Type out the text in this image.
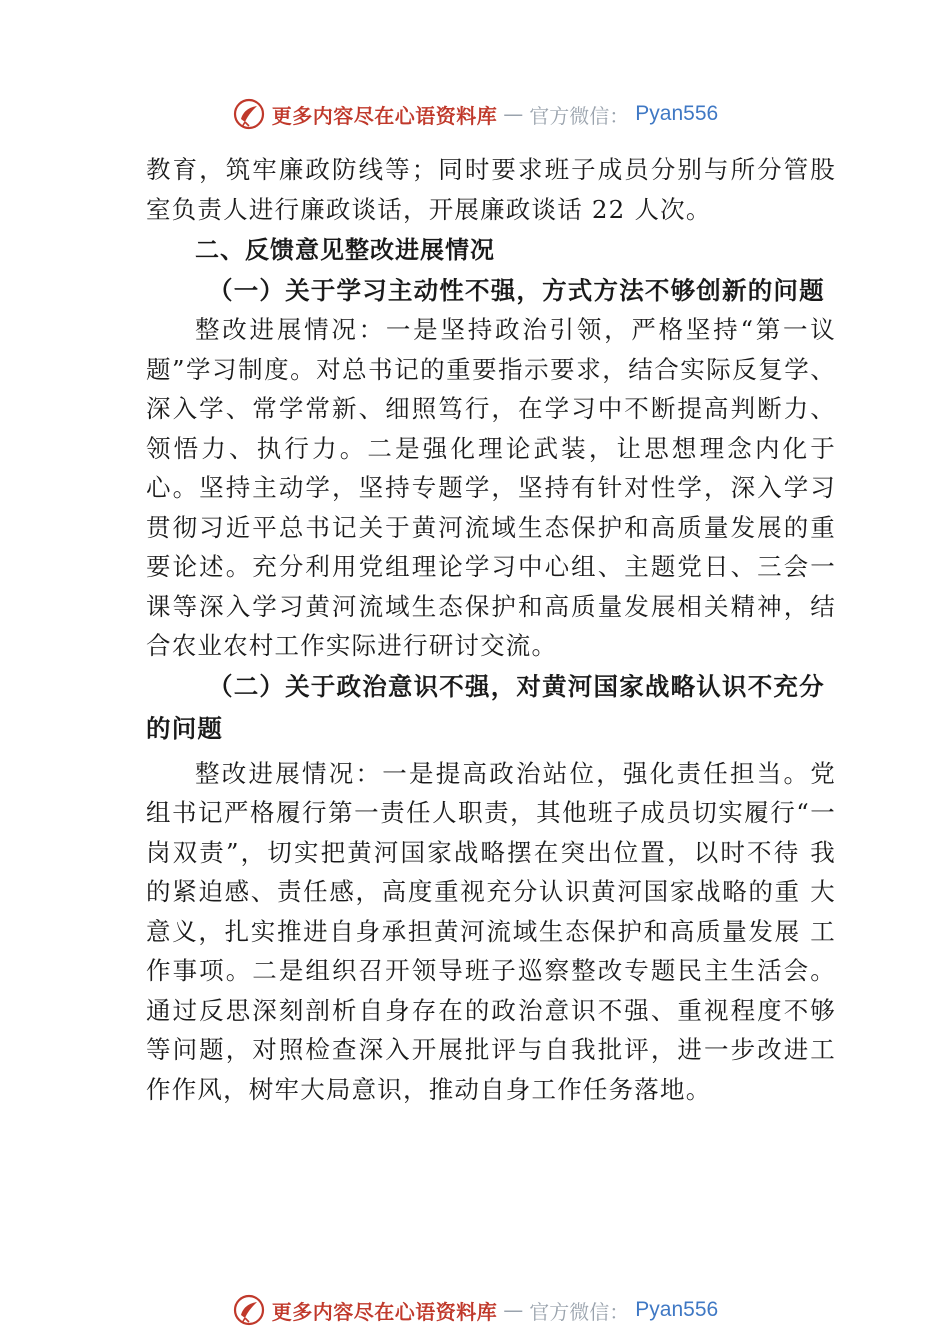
更多内容尽在心语资料库 — 官方微信： Pyan556

教育，筑牢廉政防线等；同时要求班子成员分别与所分管股室负责人进行廉政谈话，开展廉政谈话 22 人次。

二、反馈意见整改进展情况

（一）关于学习主动性不强，方式方法不够创新的问题

整改进展情况：一是坚持政治引领，严格坚持“第一议题”学习制度。对总书记的重要指示要求，结合实际反复学、深入学、常学常新、细照笃行，在学习中不断提高判断力、 领悟力、执行力。二是强化理论武装，让思想理念内化于心。坚持主动学，坚持专题学，坚持有针对性学，深入学习贯彻习近平总书记关于黄河流域生态保护和高质量发展的重要论述。充分利用党组理论学习中心组、主题党日、三会一课等深入学习黄河流域生态保护和高质量发展相关精神，结合农业农村工作实际进行研讨交流。

（二）关于政治意识不强，对黄河国家战略认识不充分
的问题

整改进展情况：一是提高政治站位，强化责任担当。党组书记严格履行第一责任人职责，其他班子成员切实履行“一岗双责”，切实把黄河国家战略摆在突出位置，以时不待 我的紧迫感、责任感，高度重视充分认识黄河国家战略的重 大意义，扎实推进自身承担黄河流域生态保护和高质量发展 工作事项。二是组织召开领导班子巡察整改专题民主生活会。通过反思深刻剖析自身存在的政治意识不强、重视程度不够 等问题，对照检查深入开展批评与自我批评，进一步改进工 作作风，树牢大局意识，推动自身工作任务落地。

更多内容尽在心语资料库 — 官方微信： Pyan556
